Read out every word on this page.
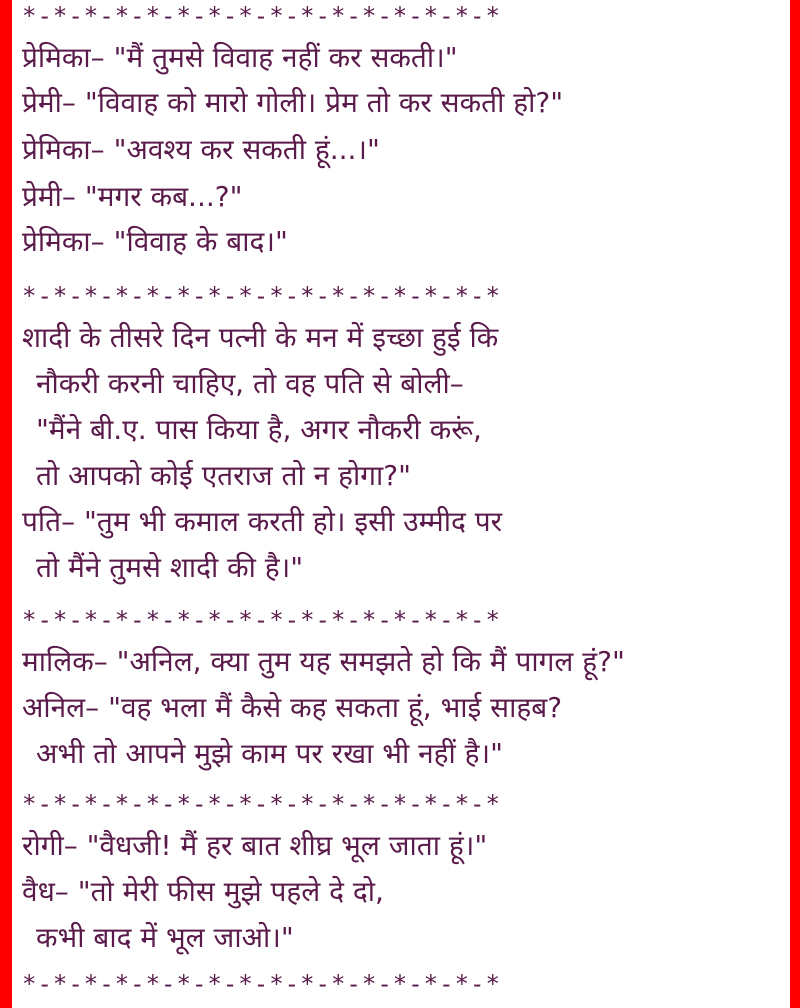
*-*-*-*-*-*-*-*-*-*-*-*-*-*-*-*
प्रेमिका– "मैं तुमसे विवाह नहीं कर सकती।"
प्रेमी– "विवाह को मारो गोली। प्रेम तो कर सकती हो?"
प्रेमिका– "अवश्य कर सकती हूं...।"
प्रेमी– "मगर कब...?"
प्रेमिका– "विवाह के बाद।"
*-*-*-*-*-*-*-*-*-*-*-*-*-*-*-*
शादी के तीसरे दिन पत्नी के मन में इच्छा हुई कि
नौकरी करनी चाहिए, तो वह पति से बोली–
"मैंने बी.ए. पास किया है, अगर नौकरी करूं,
तो आपको कोई एतराज तो न होगा?"
पति– "तुम भी कमाल करती हो। इसी उम्मीद पर
तो मैंने तुमसे शादी की है।"
*-*-*-*-*-*-*-*-*-*-*-*-*-*-*-*
मालिक– "अनिल, क्या तुम यह समझते हो कि मैं पागल हूं?"
अनिल– "वह भला मैं कैसे कह सकता हूं, भाई साहब?
अभी तो आपने मुझे काम पर रखा भी नहीं है।"
*-*-*-*-*-*-*-*-*-*-*-*-*-*-*-*
रोगी– "वैधजी! मैं हर बात शीघ्र भूल जाता हूं।"
वैध– "तो मेरी फीस मुझे पहले दे दो,
कभी बाद में भूल जाओ।"
*-*-*-*-*-*-*-*-*-*-*-*-*-*-*-*
